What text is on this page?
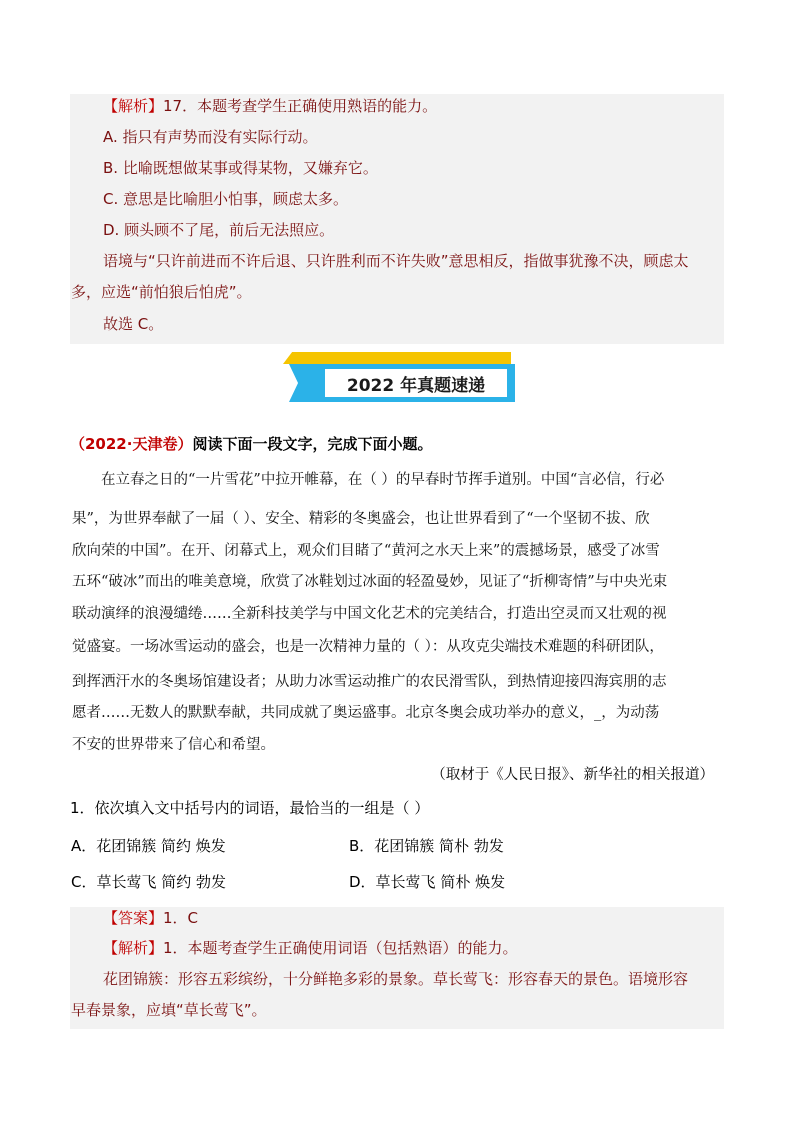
【解析】17．本题考查学生正确使用熟语的能力。
A. 指只有声势而没有实际行动。
B. 比喻既想做某事或得某物，又嫌弃它。
C. 意思是比喻胆小怕事，顾虑太多。
D. 顾头顾不了尾，前后无法照应。
语境与“只许前进而不许后退、只许胜利而不许失败”意思相反，指做事犹豫不决，顾虑太
多，应选“前怕狼后怕虎”。
故选 C。
2022 年真题速递
（2022·天津卷）阅读下面一段文字，完成下面小题。
在立春之日的“一片雪花”中拉开帷幕，在（ ）的早春时节挥手道别。中国“言必信，行必
果”，为世界奉献了一届（ ）、安全、精彩的冬奥盛会，也让世界看到了“一个坚韧不拔、欣
欣向荣的中国”。在开、闭幕式上，观众们目睹了“黄河之水天上来”的震撼场景，感受了冰雪
五环“破冰”而出的唯美意境，欣赏了冰鞋划过冰面的轻盈曼妙，见证了“折柳寄情”与中央光束
联动演绎的浪漫缱绻……全新科技美学与中国文化艺术的完美结合，打造出空灵而又壮观的视
觉盛宴。一场冰雪运动的盛会，也是一次精神力量的（ ）：从攻克尖端技术难题的科研团队，
到挥洒汗水的冬奥场馆建设者；从助力冰雪运动推广的农民滑雪队，到热情迎接四海宾朋的志
愿者……无数人的默默奉献，共同成就了奥运盛事。北京冬奥会成功举办的意义，_，为动荡
不安的世界带来了信心和希望。
（取材于《人民日报》、新华社的相关报道）
1．依次填入文中括号内的词语，最恰当的一组是（ ）
A．花团锦簇 简约 焕发	B．花团锦簇 简朴 勃发
C．草长莺飞 简约 勃发	D．草长莺飞 简朴 焕发
【答案】1．C
【解析】1．本题考查学生正确使用词语（包括熟语）的能力。
花团锦簇：形容五彩缤纷，十分鲜艳多彩的景象。草长莺飞：形容春天的景色。语境形容
早春景象，应填“草长莺飞”。
